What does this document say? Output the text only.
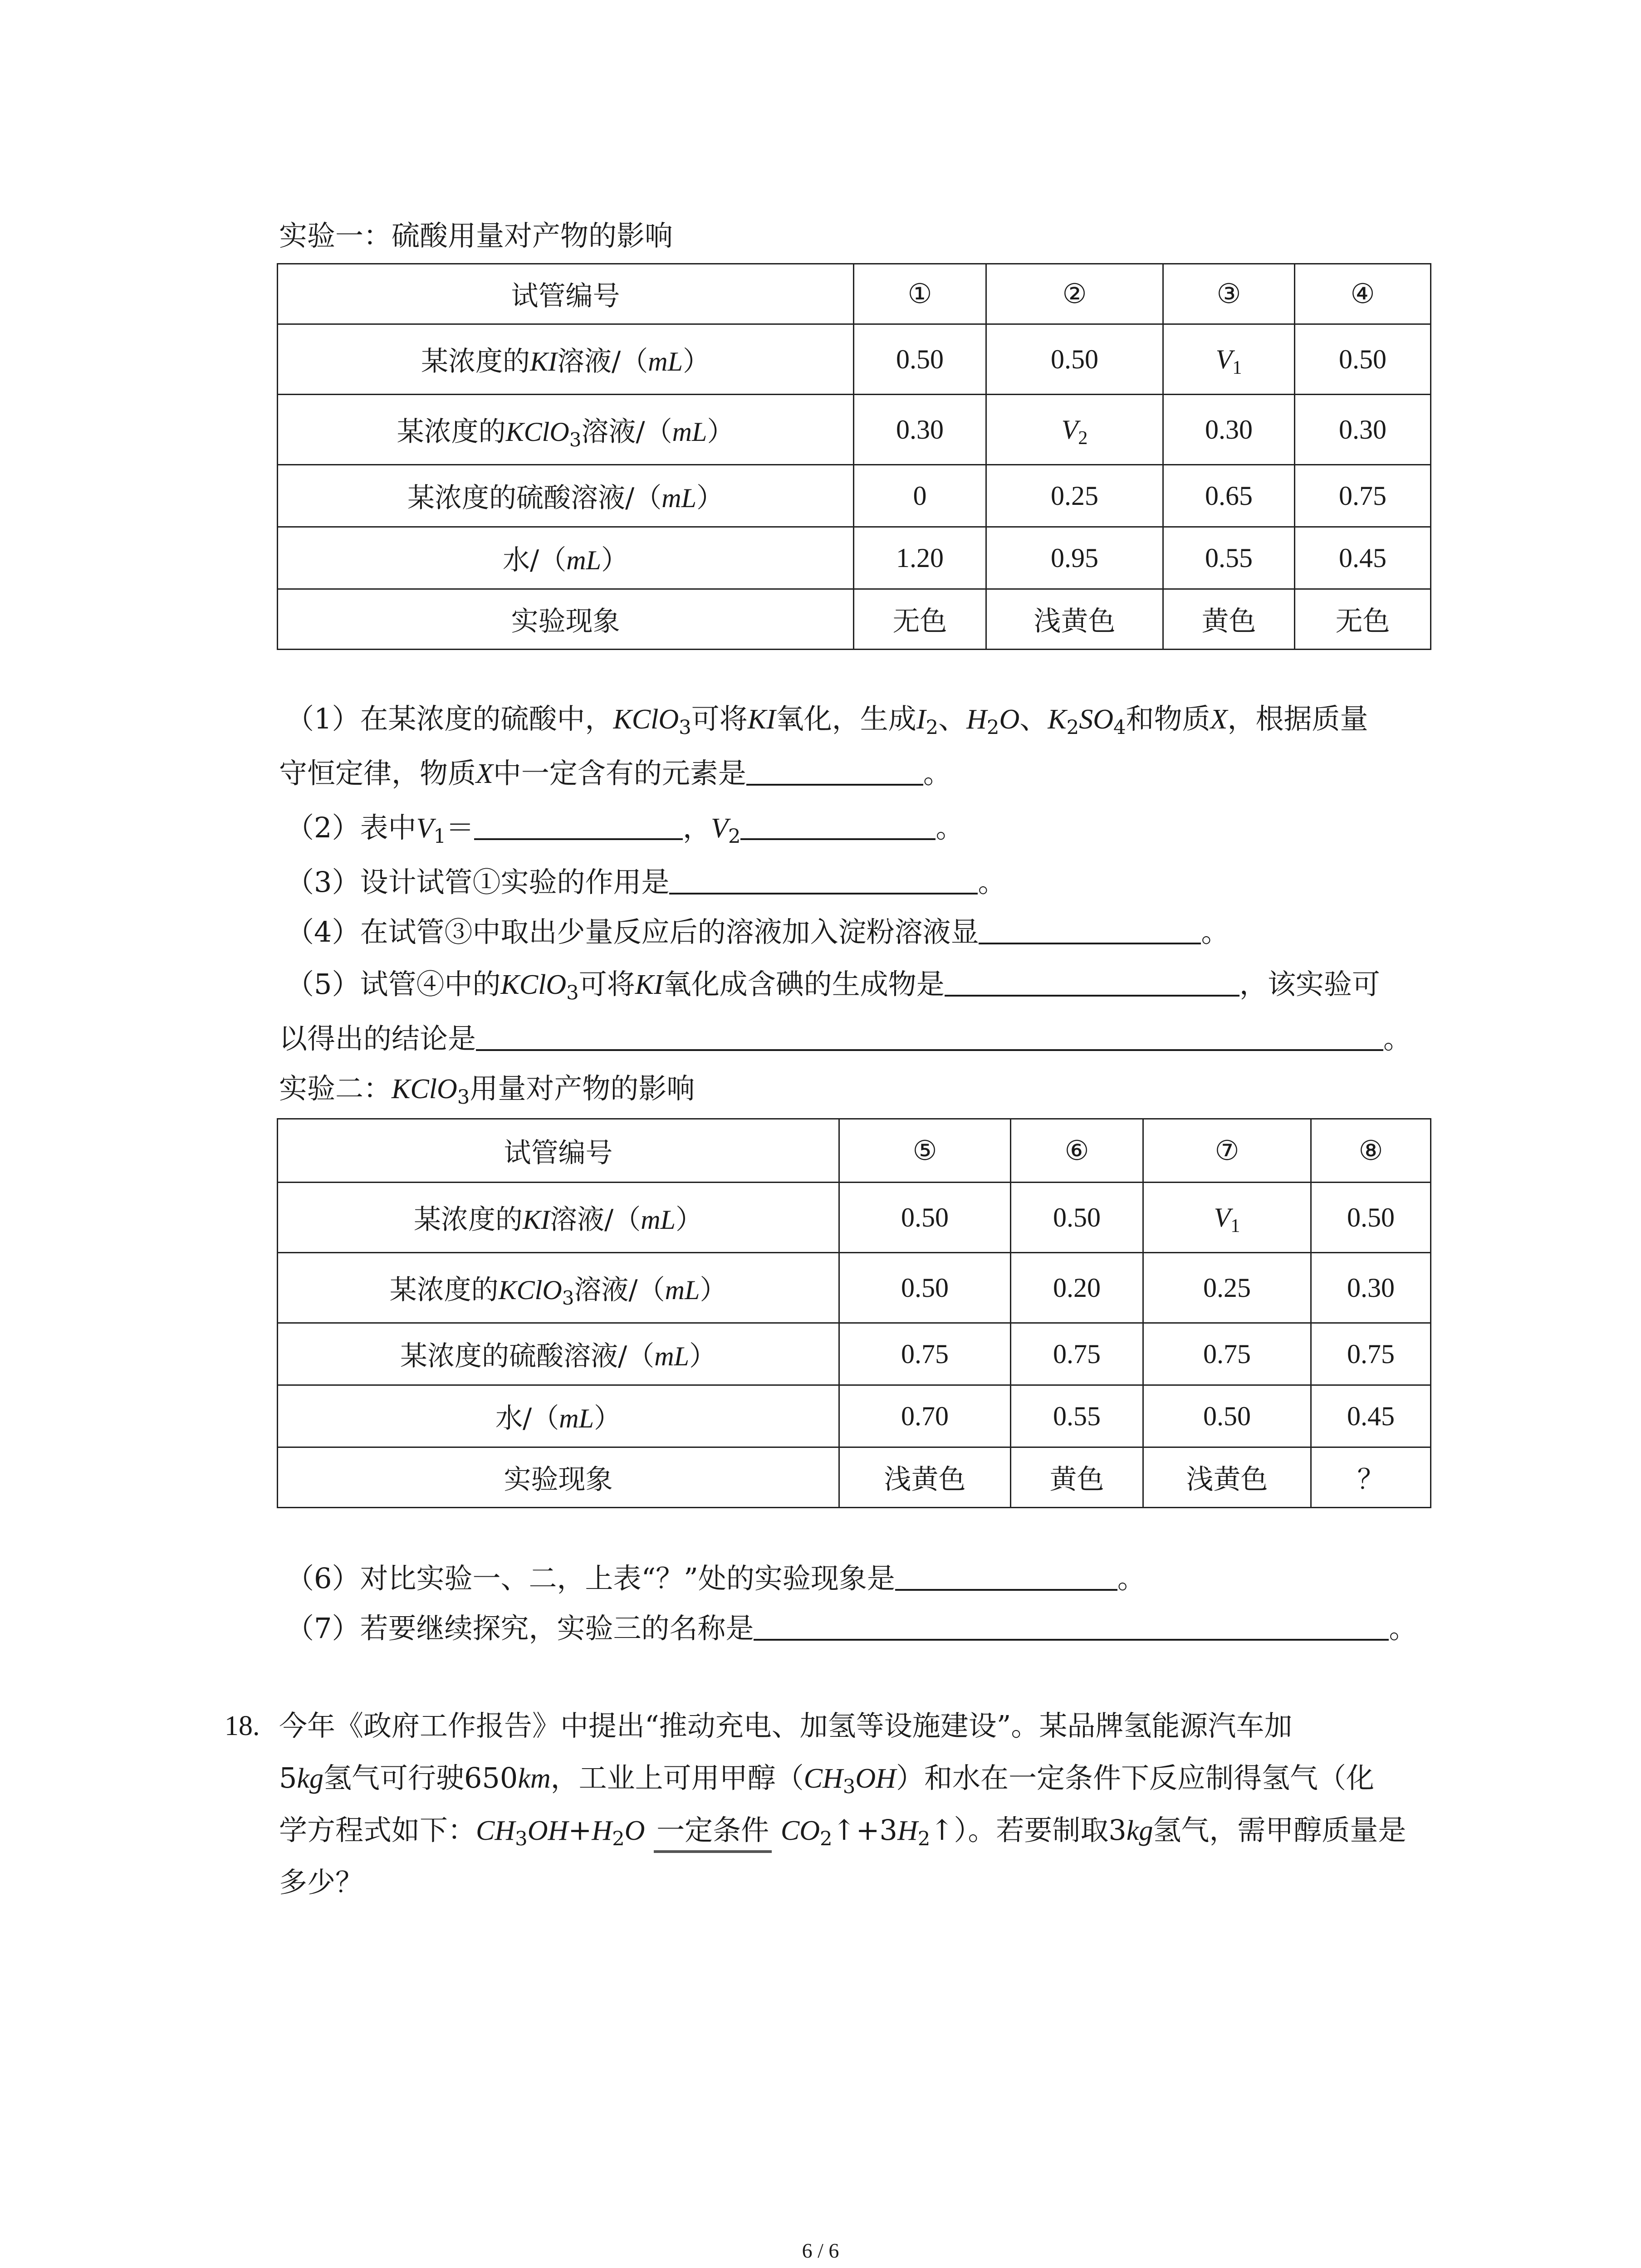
实验一：硫酸用量对产物的影响
试管编号	①	②	③	④
某浓度的KI溶液/（mL）	0.50	0.50	$V_1$	0.50
某浓度的KClO$_3$溶液/（mL）	0.30	$V_2$	0.30	0.30
某浓度的硫酸溶液/（mL）	0	0.25	0.65	0.75
水/（mL）	1.20	0.95	0.55	0.45
实验现象	无色	浅黄色	黄色	无色
（1）在某浓度的硫酸中，KClO$_3$可将KI氧化，生成$I_2$、$H_2O$、$K_2SO_4$和物质X，根据质量
守恒定律，物质X中一定含有的元素是	。
（2）表中$V_1=$	，$V_2$	。
（3）设计试管①实验的作用是	。
（4）在试管③中取出少量反应后的溶液加入淀粉溶液显	。
（5）试管④中的KClO$_3$可将KI氧化成含碘的生成物是	，该实验可
以得出的结论是	。
实验二：KClO$_3$用量对产物的影响
试管编号	⑤	⑥	⑦	⑧
某浓度的KI溶液/（mL）	0.50	0.50	$V_1$	0.50
某浓度的KClO$_3$溶液/（mL）	0.50	0.20	0.25	0.30
某浓度的硫酸溶液/（mL）	0.75	0.75	0.75	0.75
水/（mL）	0.70	0.55	0.50	0.45
实验现象	浅黄色	黄色	浅黄色	？
（6）对比实验一、二，上表“？”处的实验现象是	。
（7）若要继续探究，实验三的名称是	。
18. 今年《政府工作报告》中提出“推动充电、加氢等设施建设”。某品牌氢能源汽车加
5kg氢气可行驶650km，工业上可用甲醇$(CH_3OH)$和水在一定条件下反应制得氢气（化
学方程式如下：$CH_3OH+H_2O$ 一定条件 $CO_2↑+3H_2↑$）。若要制取3kg氢气，需甲醇质量是
多少？
6 / 6
